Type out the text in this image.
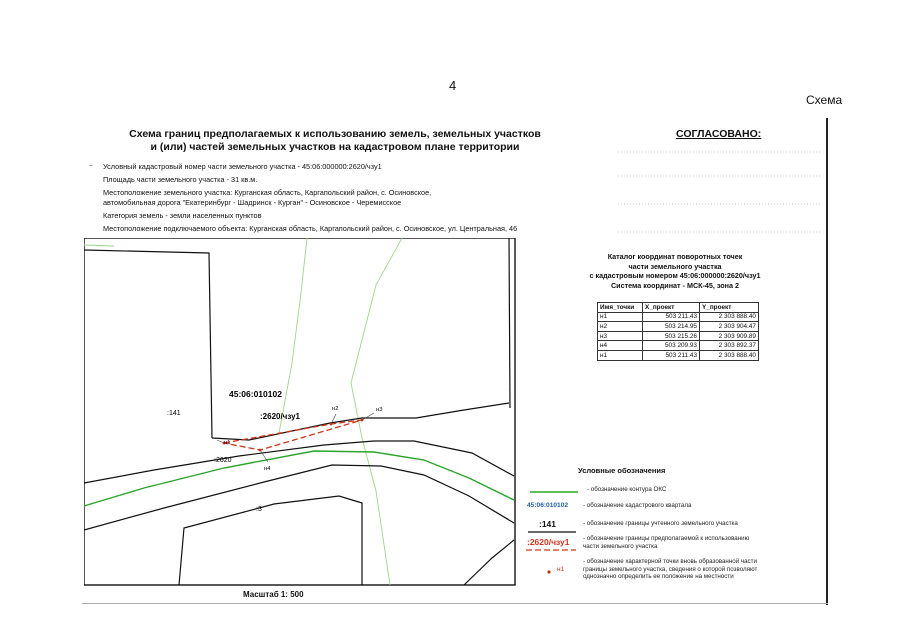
4
Схема
Схема границ предполагаемых к использованию земель, земельных участков
и (или) частей земельных участков на кадастровом плане территории
СОГЛАСОВАНО:
– Условный кадастровый номер части земельного участка - 45:06:000000:2620/чзу1
Площадь части земельного участка - 31 кв.м.
Местоположение земельного участка: Курганская область, Каргапольский район, с. Осиновское,
автомобильная дорога "Екатеринбург - Шадринск - Курган" - Осиновское - Черемисское
Категория земель - земли населенных пунктов
Местоположение подключаемого объекта: Курганская область, Каргапольский район, с. Осиновское, ул. Центральная, 46
45:06:010102
:2620/чзу1
:141
:2620
:3
н1
н2	н3
н4
Каталог координат поворотных точек
части земельного участка
с кадастровым номером 45:06:000000:2620/чзу1
Система координат - МСК-45, зона 2
Имя_точки	X_проект	Y_проект
н1	503 211.43	2 303 888.40
н2	503 214.95	2 303 904.47
н3	503 215.26	2 303 909.89
н4	503 209.93	2 303 892.37
н1	503 211.43	2 303 888.40
Условные обозначения
- обозначение контура ОКС
45:06:010102 - обозначение кадастрового квартала
:141	- обозначение границы учтенного земельного участка
:2620/чзу1 - обозначение границы предполагаемой к использованию
части земельного участка
н1
- обозначение характерной точки вновь образованной части
границы земельного участка, сведения о которой позволяют
однозначно определить ее положение на местности
Масштаб 1: 500
